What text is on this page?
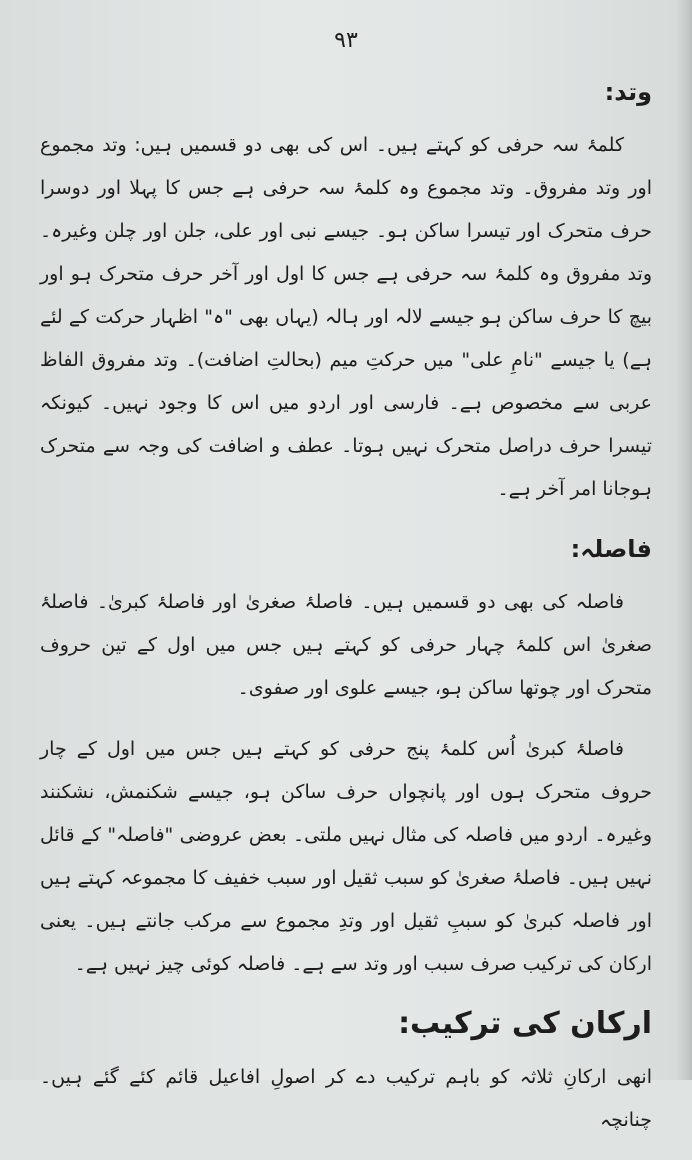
۹۳
وتد:

کلمۂ سہ حرفی کو کہتے ہیں۔ اس کی بھی دو قسمیں ہیں: وتد مجموع اور وتد مفروق۔ وتد مجموع وہ کلمۂ سہ حرفی ہے جس کا پہلا اور دوسرا حرف متحرک اور تیسرا ساکن ہو۔ جیسے نبی اور علی، جلن اور چلن وغیرہ۔ وتد مفروق وہ کلمۂ سہ حرفی ہے جس کا اول اور آخر حرف متحرک ہو اور بیچ کا حرف ساکن ہو جیسے لالہ اور ہالہ (یہاں بھی "ہ" اظہار حرکت کے لئے ہے) یا جیسے "نامِ علی" میں حرکتِ میم (بحالتِ اضافت)۔ وتد مفروق الفاظ عربی سے مخصوص ہے۔ فارسی اور اردو میں اس کا وجود نہیں۔ کیونکہ تیسرا حرف دراصل متحرک نہیں ہوتا۔ عطف و اضافت کی وجہ سے متحرک ہوجانا امر آخر ہے۔

فاصلہ:

فاصلہ کی بھی دو قسمیں ہیں۔ فاصلۂ صغریٰ اور فاصلۂ کبریٰ۔ فاصلۂ صغریٰ اس کلمۂ چہار حرفی کو کہتے ہیں جس میں اول کے تین حروف متحرک اور چوتھا ساکن ہو، جیسے علوی اور صفوی۔

فاصلۂ کبریٰ اُس کلمۂ پنج حرفی کو کہتے ہیں جس میں اول کے چار حروف متحرک ہوں اور پانچواں حرف ساکن ہو، جیسے شکنمش، نشکنند وغیرہ۔ اردو میں فاصلہ کی مثال نہیں ملتی۔ بعض عروضی "فاصلہ" کے قائل نہیں ہیں۔ فاصلۂ صغریٰ کو سبب ثقیل اور سبب خفیف کا مجموعہ کہتے ہیں اور فاصلہ کبریٰ کو سببِ ثقیل اور وتدِ مجموع سے مرکب جانتے ہیں۔ یعنی ارکان کی ترکیب صرف سبب اور وتد سے ہے۔ فاصلہ کوئی چیز نہیں ہے۔

ارکان کی ترکیب:

انھی ارکانِ ثلاثہ کو باہم ترکیب دے کر اصولِ افاعیل قائم کئے گئے ہیں۔ چنانچہ
